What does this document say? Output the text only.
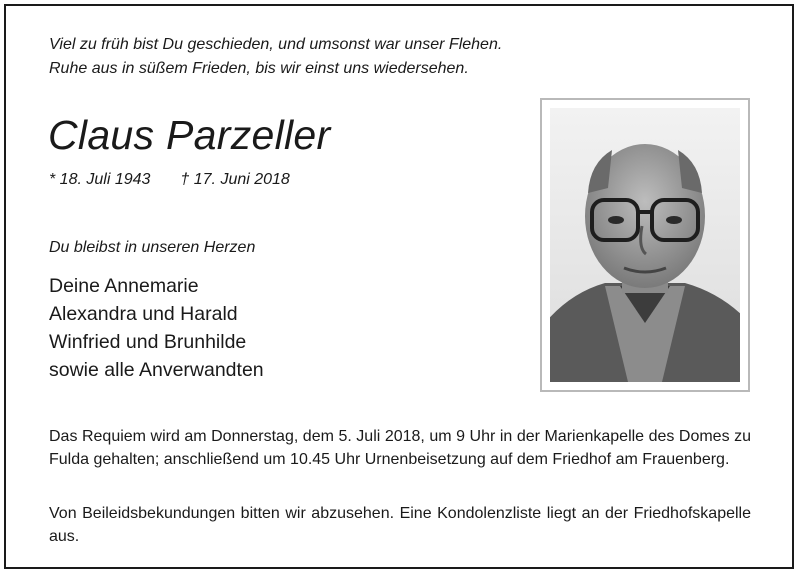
Viel zu früh bist Du geschieden, und umsonst war unser Flehen.
Ruhe aus in süßem Frieden, bis wir einst uns wiedersehen.
Claus Parzeller
* 18. Juli 1943 † 17. Juni 2018
Du bleibst in unseren Herzen
Deine Annemarie
Alexandra und Harald
Winfried und Brunhilde
sowie alle Anverwandten
Das Requiem wird am Donnerstag, dem 5. Juli 2018, um 9 Uhr in der Marienkapelle des Domes zu Fulda gehalten; anschließend um 10.45 Uhr Urnenbeisetzung auf dem Friedhof am Frauenberg.
Von Beileidsbekundungen bitten wir abzusehen. Eine Kondolenzliste liegt an der Friedhofskapelle aus.
